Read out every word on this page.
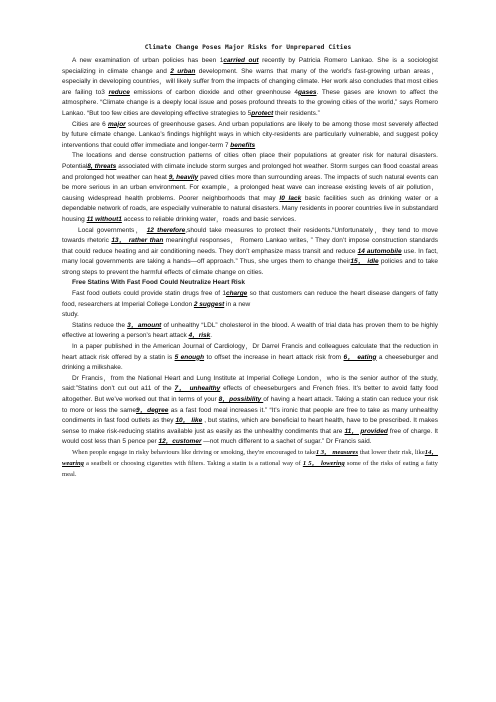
Climate Change Poses Major Risks for Unprepared Cities

A new examination of urban policies has been 1carried out recently by Patricia Romero Lankao. She is a sociologist specializing in climate change and 2 urban development. She warns that many of the world’s fast-growing urban areas，especially in developing countries，will likely suffer from the impacts of changing climate. Her work also concludes that most cities are failing to3 reduce emissions of carbon dioxide and other greenhouse 4gases. These gases are known to affect the atmosphere. “Climate change is a deeply local issue and poses profound threats to the growing cities of the world,” says Romero Lankao. “But too few cities are developing effective strategies to 5protect their residents.”

Cities are 6 major sources of greenhouse gases. And urban populations are likely to be among those most severely affected by future climate change. Lankao’s findings highlight ways in which city-residents are particularly vulnerable, and suggest policy interventions that could offer immediate and longer-term 7 benefits

The locations and dense construction patterns of cities often place their populations at greater risk for natural disasters. Potential8, threats associated with climate include storm surges and prolonged hot weather. Storm surges can flood coastal areas and prolonged hot weather can heat 9, heavily paved cities more than surrounding areas. The impacts of such natural events can be more serious in an urban environment. For example，a prolonged heat wave can increase existing levels of air pollution，causing widespread health problems. Poorer neighborhoods that may l0 lack basic facilities such as drinking water or a dependable network of roads, are especially vulnerable to natural disasters. Many residents in poorer countries live in substandard housing 11 without1 access to reliable drinking water，roads and basic services.

Local governments， 12 therefore,should take measures to protect their residents.“Unfortunately，they tend to move towards rhetoric 13， rather than meaningful responses， Romero Lankao writes, ” They don’t impose construction standards that could reduce heating and air conditioning needs. They don’t emphasize mass transit and reduce 14 automobile use. In fact, many local governments are taking a hands—off approach.” Thus, she urges them to change their15， idle policies and to take strong steps to prevent the harmful effects of climate change on cities.

Free Statins With Fast Food Could Neutralize Heart Risk

Fast food outlets could provide statin drugs free of 1charge so that customers can reduce the heart disease dangers of fatty food, researchers at Imperial College London 2 suggest in a new

study.

Statins reduce the 3，amount of unhealthy “LDL” cholesterol in the blood. A wealth of trial data has proven them to be highly effective at lowering a person’s heart attack 4，risk.

In a paper published in the American Journal of Cardiology，Dr Darrel Francis and colleagues calculate that the reduction in heart attack risk offered by a statin is 5 enough to offset the increase in heart attack risk from 6， eating a cheeseburger and drinking a milkshake.

Dr Francis，from the National Heart and Lung Institute at Imperial College London，who is the senior author of the study, said:”Statins don’t cut out a11 of the 7， unhealthy effects of cheeseburgers and French fries. It’s better to avoid fatty food altogether. But we’ve worked out that in terms of your 8，possibility of having a heart attack. Taking a statin can reduce your risk to more or less the same9，degree as a fast food meal increases it.” “It’s ironic that people are free to take as many unhealthy condiments in fast food outlets as they 10， like , but statins, which are beneficial to heart health, have to be prescribed. It makes sense to make risk-reducing statins available just as easily as the unhealthy condiments that are 11， provided free of charge. It would cost less than 5 pence per 12，customer —not much different to a sachet of sugar.” Dr Francis said.

When people engage in risky behaviours like driving or smoking, they're encouraged to take1 3， measures that lower their risk, like14， wearing a seatbelt or choosing cigarettes with filters. Taking a statin is a rational way of 1 5， lowering some of the risks of eating a fatty meal.
